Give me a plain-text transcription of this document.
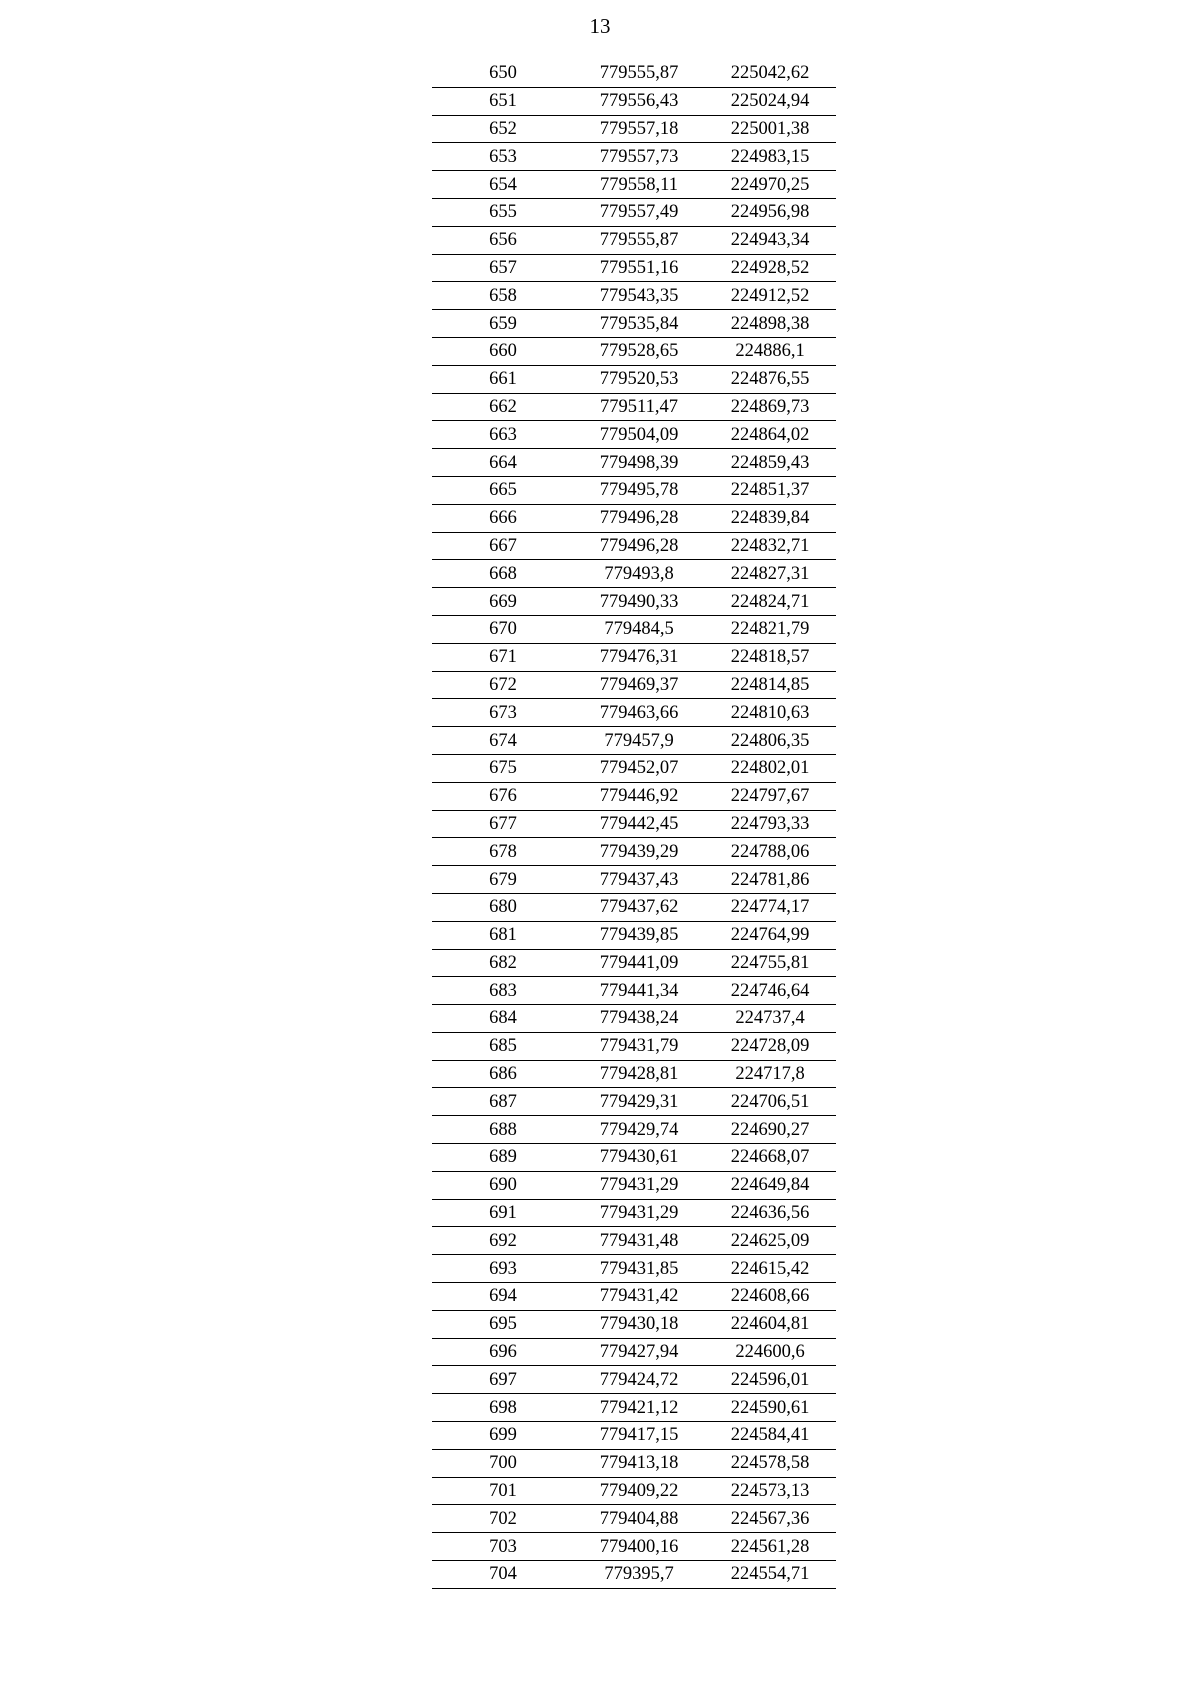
13
650	779555,87	225042,62
651	779556,43	225024,94
652	779557,18	225001,38
653	779557,73	224983,15
654	779558,11	224970,25
655	779557,49	224956,98
656	779555,87	224943,34
657	779551,16	224928,52
658	779543,35	224912,52
659	779535,84	224898,38
660	779528,65	224886,1
661	779520,53	224876,55
662	779511,47	224869,73
663	779504,09	224864,02
664	779498,39	224859,43
665	779495,78	224851,37
666	779496,28	224839,84
667	779496,28	224832,71
668	779493,8	224827,31
669	779490,33	224824,71
670	779484,5	224821,79
671	779476,31	224818,57
672	779469,37	224814,85
673	779463,66	224810,63
674	779457,9	224806,35
675	779452,07	224802,01
676	779446,92	224797,67
677	779442,45	224793,33
678	779439,29	224788,06
679	779437,43	224781,86
680	779437,62	224774,17
681	779439,85	224764,99
682	779441,09	224755,81
683	779441,34	224746,64
684	779438,24	224737,4
685	779431,79	224728,09
686	779428,81	224717,8
687	779429,31	224706,51
688	779429,74	224690,27
689	779430,61	224668,07
690	779431,29	224649,84
691	779431,29	224636,56
692	779431,48	224625,09
693	779431,85	224615,42
694	779431,42	224608,66
695	779430,18	224604,81
696	779427,94	224600,6
697	779424,72	224596,01
698	779421,12	224590,61
699	779417,15	224584,41
700	779413,18	224578,58
701	779409,22	224573,13
702	779404,88	224567,36
703	779400,16	224561,28
704	779395,7	224554,71
